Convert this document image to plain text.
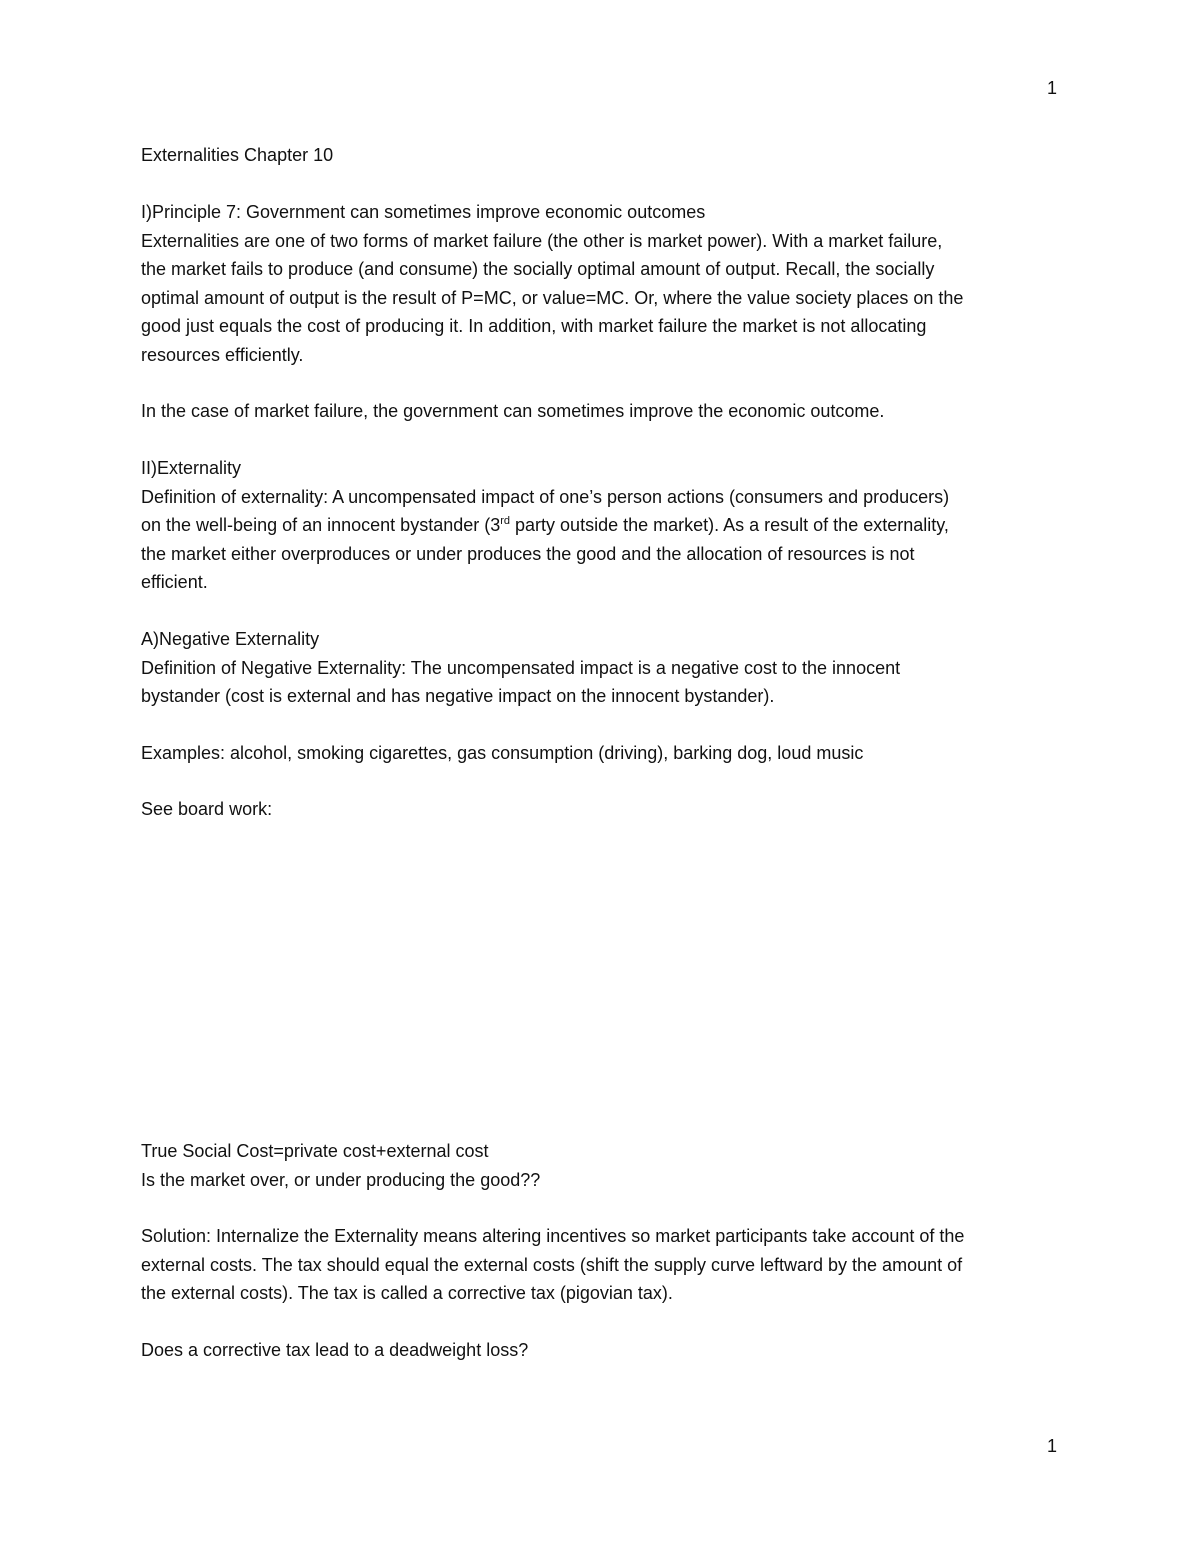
1
Externalities Chapter 10
I)Principle 7: Government can sometimes improve economic outcomes
Externalities are one of two forms of market failure (the other is market power). With a market failure,
the market fails to produce (and consume) the socially optimal amount of output. Recall, the socially
optimal amount of output is the result of P=MC, or value=MC. Or, where the value society places on the
good just equals the cost of producing it. In addition, with market failure the market is not allocating
resources efficiently.
In the case of market failure, the government can sometimes improve the economic outcome.
II)Externality
Definition of externality: A uncompensated impact of one’s person actions (consumers and producers)
on the well-being of an innocent bystander (3rd party outside the market). As a result of the externality,
the market either overproduces or under produces the good and the allocation of resources is not
efficient.
A)Negative Externality
Definition of Negative Externality: The uncompensated impact is a negative cost to the innocent
bystander (cost is external and has negative impact on the innocent bystander).
Examples: alcohol, smoking cigarettes, gas consumption (driving), barking dog, loud music
See board work:
True Social Cost=private cost+external cost
Is the market over, or under producing the good??
Solution: Internalize the Externality means altering incentives so market participants take account of the
external costs. The tax should equal the external costs (shift the supply curve leftward by the amount of
the external costs). The tax is called a corrective tax (pigovian tax).
Does a corrective tax lead to a deadweight loss?
1
